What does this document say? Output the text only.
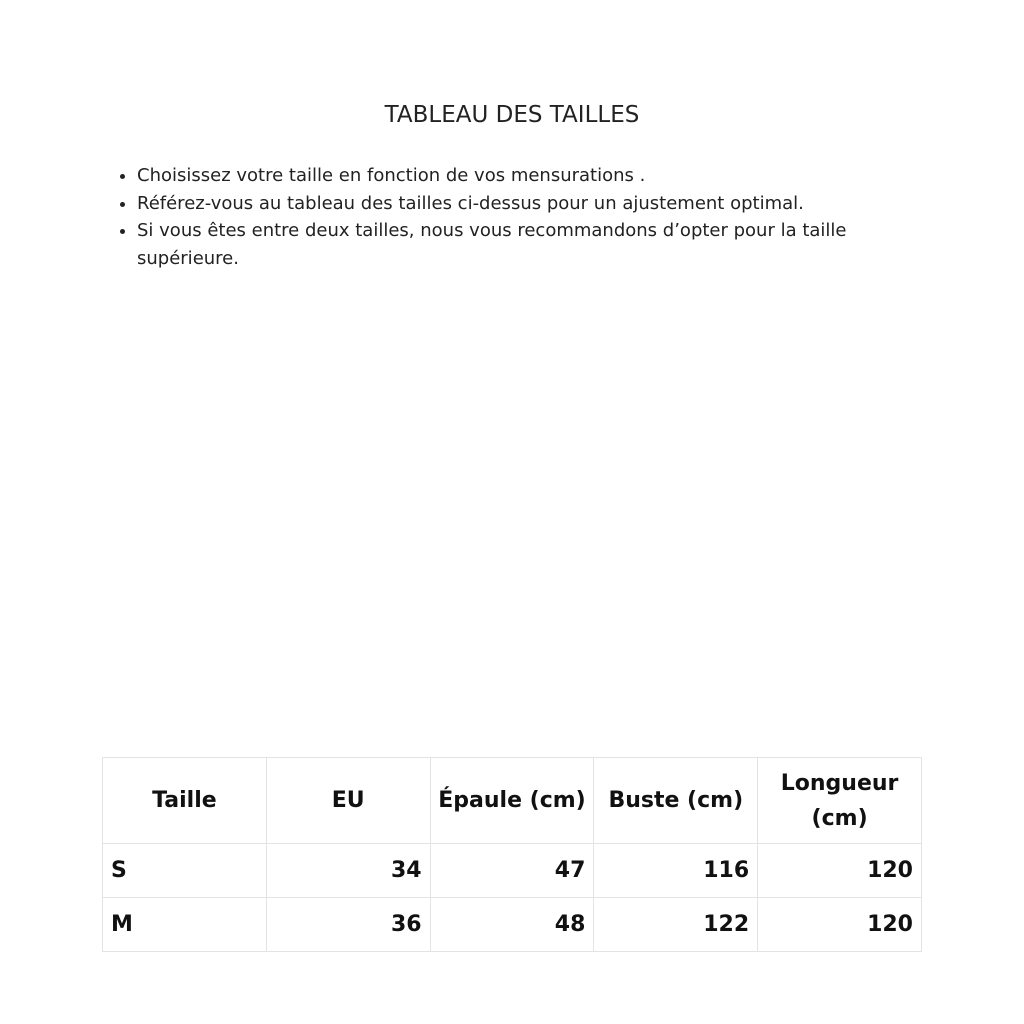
TABLEAU DES TAILLES
• Choisissez votre taille en fonction de vos mensurations .
• Référez-vous au tableau des tailles ci-dessus pour un ajustement optimal.
• Si vous êtes entre deux tailles, nous vous recommandons d’opter pour la taille supérieure.
Taille	EU	Épaule (cm)	Buste (cm)	Longueur (cm)
S	34	47	116	120
M	36	48	122	120
